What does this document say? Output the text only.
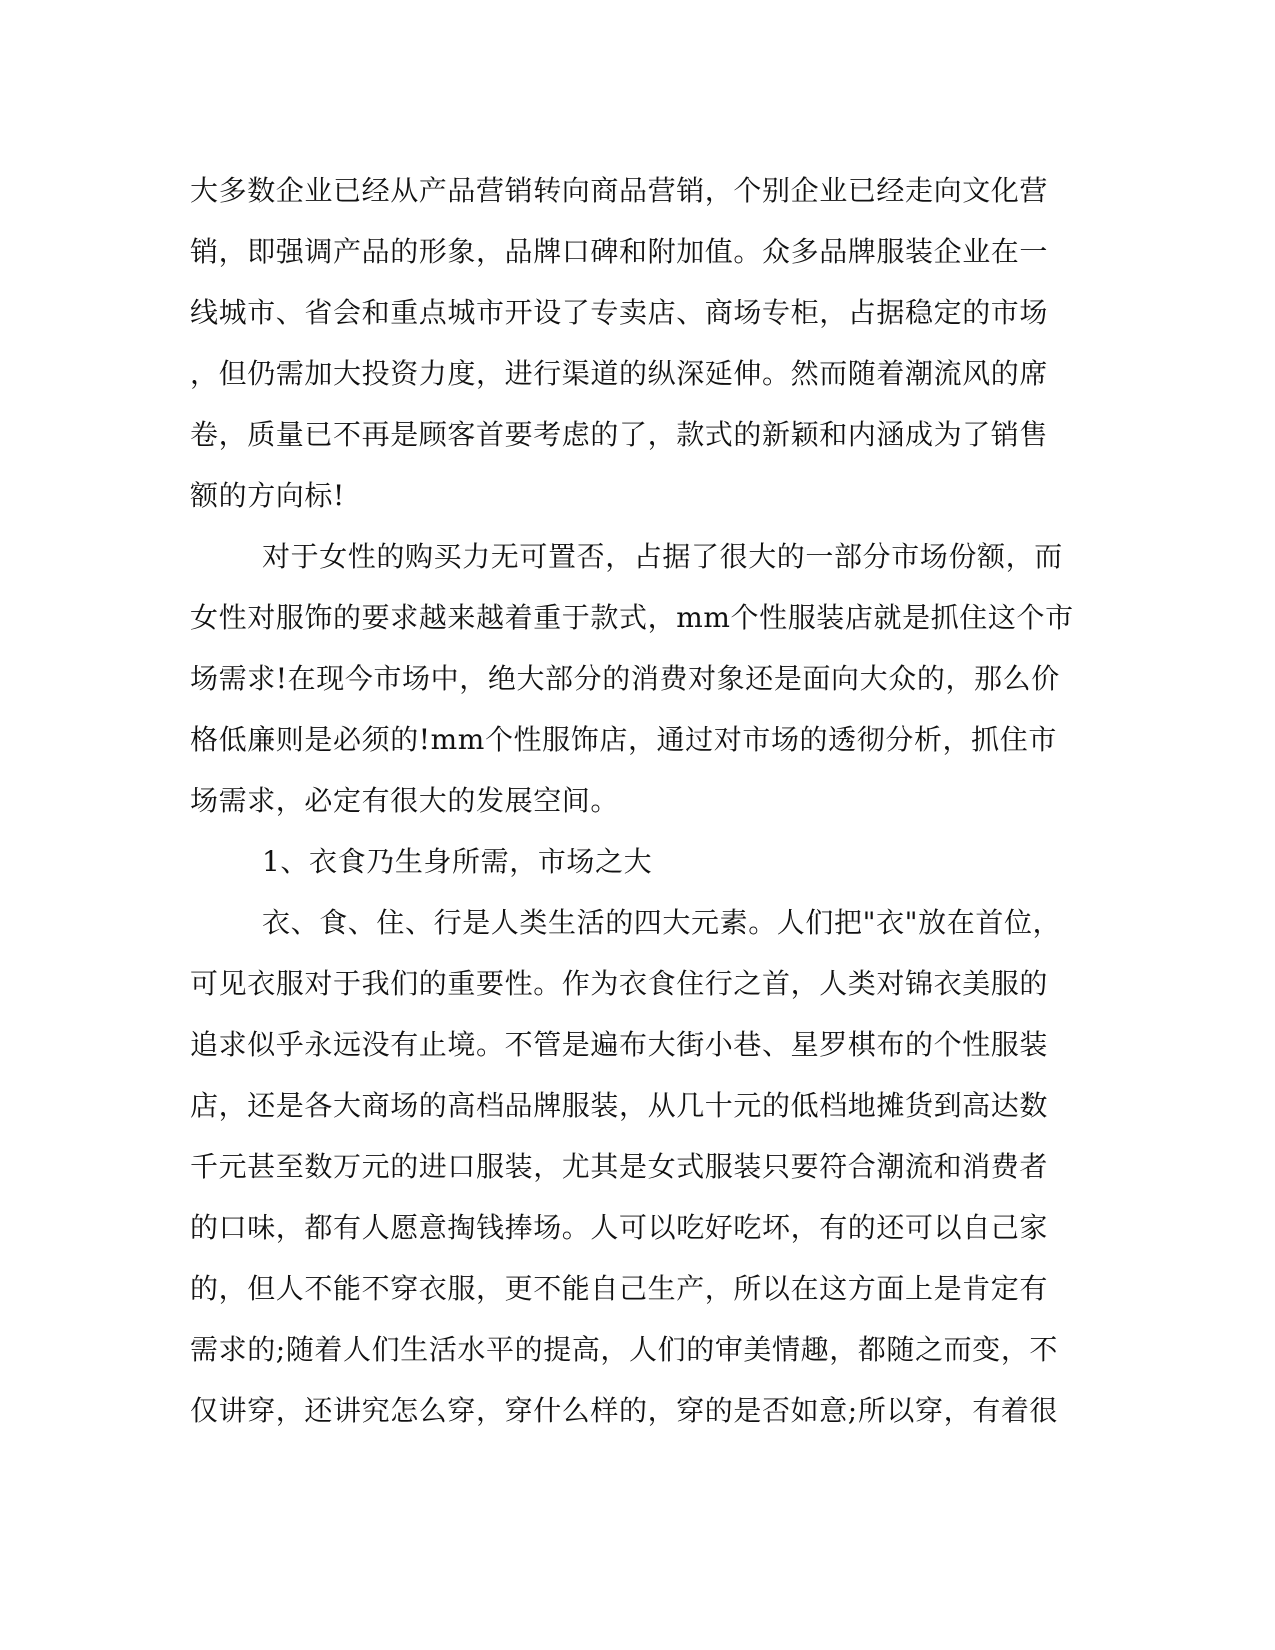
大多数企业已经从产品营销转向商品营销，个别企业已经走向文化营
销，即强调产品的形象，品牌口碑和附加值。众多品牌服装企业在一
线城市、省会和重点城市开设了专卖店、商场专柜，占据稳定的市场
，但仍需加大投资力度，进行渠道的纵深延伸。然而随着潮流风的席
卷，质量已不再是顾客首要考虑的了，款式的新颖和内涵成为了销售
额的方向标!
对于女性的购买力无可置否，占据了很大的一部分市场份额，而
女性对服饰的要求越来越着重于款式，mm个性服装店就是抓住这个市
场需求!在现今市场中，绝大部分的消费对象还是面向大众的，那么价
格低廉则是必须的!mm个性服饰店，通过对市场的透彻分析，抓住市
场需求，必定有很大的发展空间。
1、衣食乃生身所需，市场之大
衣、食、住、行是人类生活的四大元素。人们把"衣"放在首位，
可见衣服对于我们的重要性。作为衣食住行之首，人类对锦衣美服的
追求似乎永远没有止境。不管是遍布大街小巷、星罗棋布的个性服装
店，还是各大商场的高档品牌服装，从几十元的低档地摊货到高达数
千元甚至数万元的进口服装，尤其是女式服装只要符合潮流和消费者
的口味，都有人愿意掏钱捧场。人可以吃好吃坏，有的还可以自己家
的，但人不能不穿衣服，更不能自己生产，所以在这方面上是肯定有
需求的;随着人们生活水平的提高，人们的审美情趣，都随之而变，不
仅讲穿，还讲究怎么穿，穿什么样的，穿的是否如意;所以穿，有着很
